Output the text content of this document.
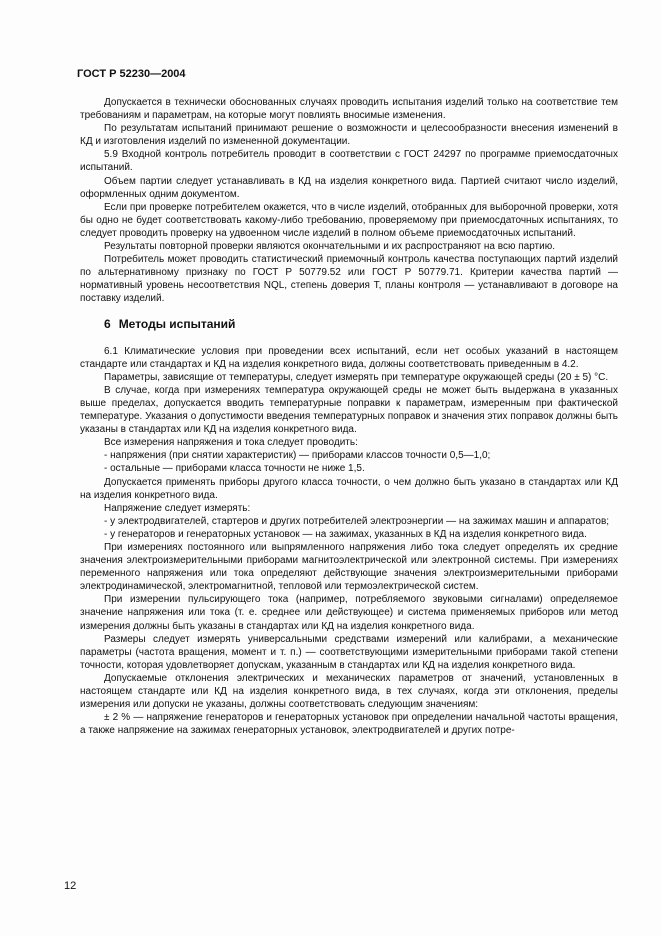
ГОСТ Р 52230—2004

Допускается в технически обоснованных случаях проводить испытания изделий только на соответствие тем требованиям и параметрам, на которые могут повлиять вносимые изменения.

По результатам испытаний принимают решение о возможности и целесообразности внесения изменений в КД и изготовления изделий по измененной документации.

5.9 Входной контроль потребитель проводит в соответствии с ГОСТ 24297 по программе приемосдаточных испытаний.

Объем партии следует устанавливать в КД на изделия конкретного вида. Партией считают число изделий, оформленных одним документом.

Если при проверке потребителем окажется, что в числе изделий, отобранных для выборочной проверки, хотя бы одно не будет соответствовать какому-либо требованию, проверяемому при приемосдаточных испытаниях, то следует проводить проверку на удвоенном числе изделий в полном объеме приемосдаточных испытаний.

Результаты повторной проверки являются окончательными и их распространяют на всю партию.

Потребитель может проводить статистический приемочный контроль качества поступающих партий изделий по альтернативному признаку по ГОСТ Р 50779.52 или ГОСТ Р 50779.71. Критерии качества партий — нормативный уровень несоответствия NQL, степень доверия Т, планы контроля — устанавливают в договоре на поставку изделий.

6 Методы испытаний

6.1 Климатические условия при проведении всех испытаний, если нет особых указаний в настоящем стандарте или стандартах и КД на изделия конкретного вида, должны соответствовать приведенным в 4.2.

Параметры, зависящие от температуры, следует измерять при температуре окружающей среды (20 ± 5) °С.

В случае, когда при измерениях температура окружающей среды не может быть выдержана в указанных выше пределах, допускается вводить температурные поправки к параметрам, измеренным при фактической температуре. Указания о допустимости введения температурных поправок и значения этих поправок должны быть указаны в стандартах или КД на изделия конкретного вида.

Все измерения напряжения и тока следует проводить:

- напряжения (при снятии характеристик) — приборами классов точности 0,5—1,0;

- остальные — приборами класса точности не ниже 1,5.

Допускается применять приборы другого класса точности, о чем должно быть указано в стандартах или КД на изделия конкретного вида.

Напряжение следует измерять:

- у электродвигателей, стартеров и других потребителей электроэнергии — на зажимах машин и аппаратов;

- у генераторов и генераторных установок — на зажимах, указанных в КД на изделия конкретного вида.

При измерениях постоянного или выпрямленного напряжения либо тока следует определять их средние значения электроизмерительными приборами магнитоэлектрической или электронной системы. При измерениях переменного напряжения или тока определяют действующие значения электроизмерительными приборами электродинамической, электромагнитной, тепловой или термоэлектрической систем.

При измерении пульсирующего тока (например, потребляемого звуковыми сигналами) определяемое значение напряжения или тока (т. е. среднее или действующее) и система применяемых приборов или метод измерения должны быть указаны в стандартах или КД на изделия конкретного вида.

Размеры следует измерять универсальными средствами измерений или калибрами, а механические параметры (частота вращения, момент и т. п.) — соответствующими измерительными приборами такой степени точности, которая удовлетворяет допускам, указанным в стандартах или КД на изделия конкретного вида.

Допускаемые отклонения электрических и механических параметров от значений, установленных в настоящем стандарте или КД на изделия конкретного вида, в тех случаях, когда эти отклонения, пределы измерения или допуски не указаны, должны соответствовать следующим значениям:

± 2 % — напряжение генераторов и генераторных установок при определении начальной частоты вращения, а также напряжение на зажимах генераторных установок, электродвигателей и других потре-

12
